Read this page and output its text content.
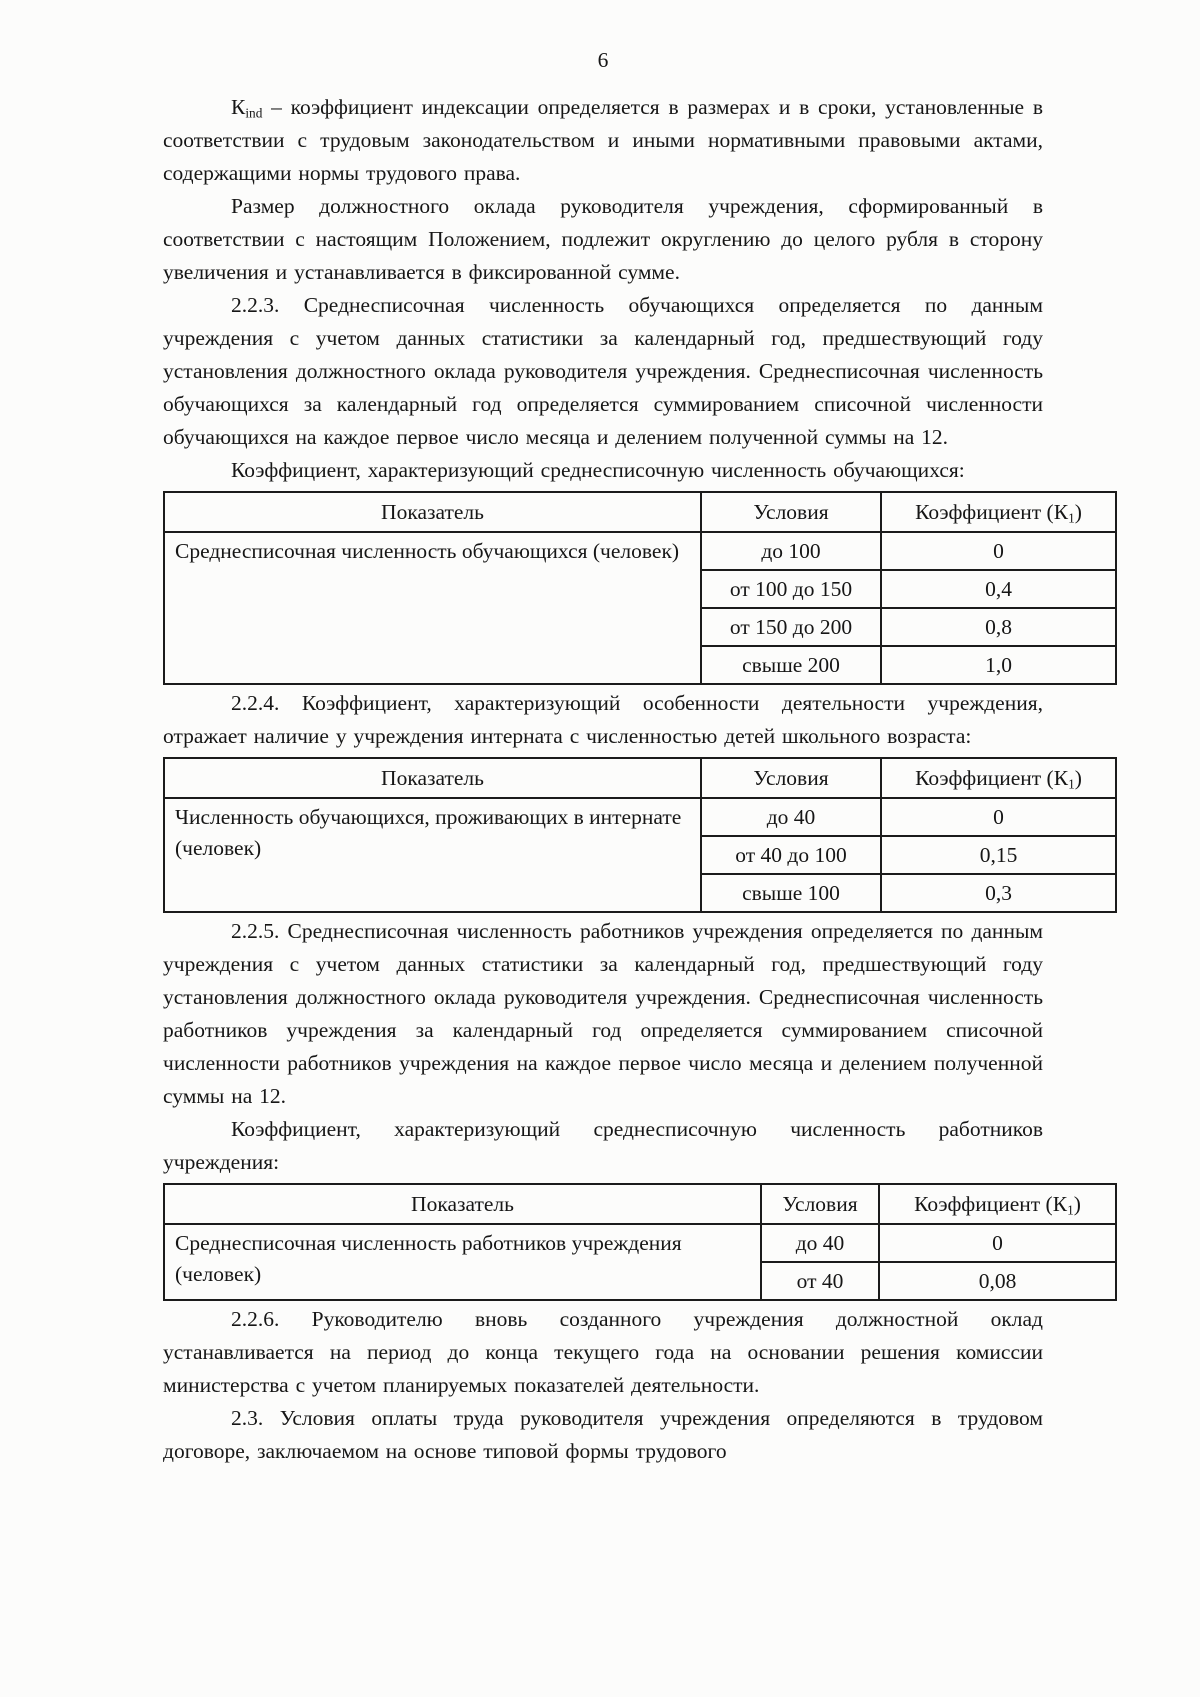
6

$К_{ind}$ – коэффициент индексации определяется в размерах и в сроки, установленные в соответствии с трудовым законодательством и иными нормативными правовыми актами, содержащими нормы трудового права.

Размер должностного оклада руководителя учреждения, сформированный в соответствии с настоящим Положением, подлежит округлению до целого рубля в сторону увеличения и устанавливается в фиксированной сумме.

2.2.3. Среднесписочная численность обучающихся определяется по данным учреждения с учетом данных статистики за календарный год, предшествующий году установления должностного оклада руководителя учреждения. Среднесписочная численность обучающихся за календарный год определяется суммированием списочной численности обучающихся на каждое первое число месяца и делением полученной суммы на 12.

Коэффициент, характеризующий среднесписочную численность обучающихся:

Показатель	Условия	Коэффициент $(К_1)$
Среднесписочная численность обучающихся (человек)	до 100	0
	от 100 до 150	0,4
	от 150 до 200	0,8
	свыше 200	1,0

2.2.4. Коэффициент, характеризующий особенности деятельности учреждения, отражает наличие у учреждения интерната с численностью детей школьного возраста:

Показатель	Условия	Коэффициент $(К_1)$
Численность обучающихся, проживающих в интернате (человек)	до 40	0
	от 40 до 100	0,15
	свыше 100	0,3

2.2.5. Среднесписочная численность работников учреждения определяется по данным учреждения с учетом данных статистики за календарный год, предшествующий году установления должностного оклада руководителя учреждения. Среднесписочная численность работников учреждения за календарный год определяется суммированием списочной численности работников учреждения на каждое первое число месяца и делением полученной суммы на 12.

Коэффициент, характеризующий среднесписочную численность работников учреждения:

Показатель	Условия	Коэффициент $(К_1)$
Среднесписочная численность работников учреждения (человек)	до 40	0
	от 40	0,08

2.2.6. Руководителю вновь созданного учреждения должностной оклад устанавливается на период до конца текущего года на основании решения комиссии министерства с учетом планируемых показателей деятельности.

2.3. Условия оплаты труда руководителя учреждения определяются в трудовом договоре, заключаемом на основе типовой формы трудового
